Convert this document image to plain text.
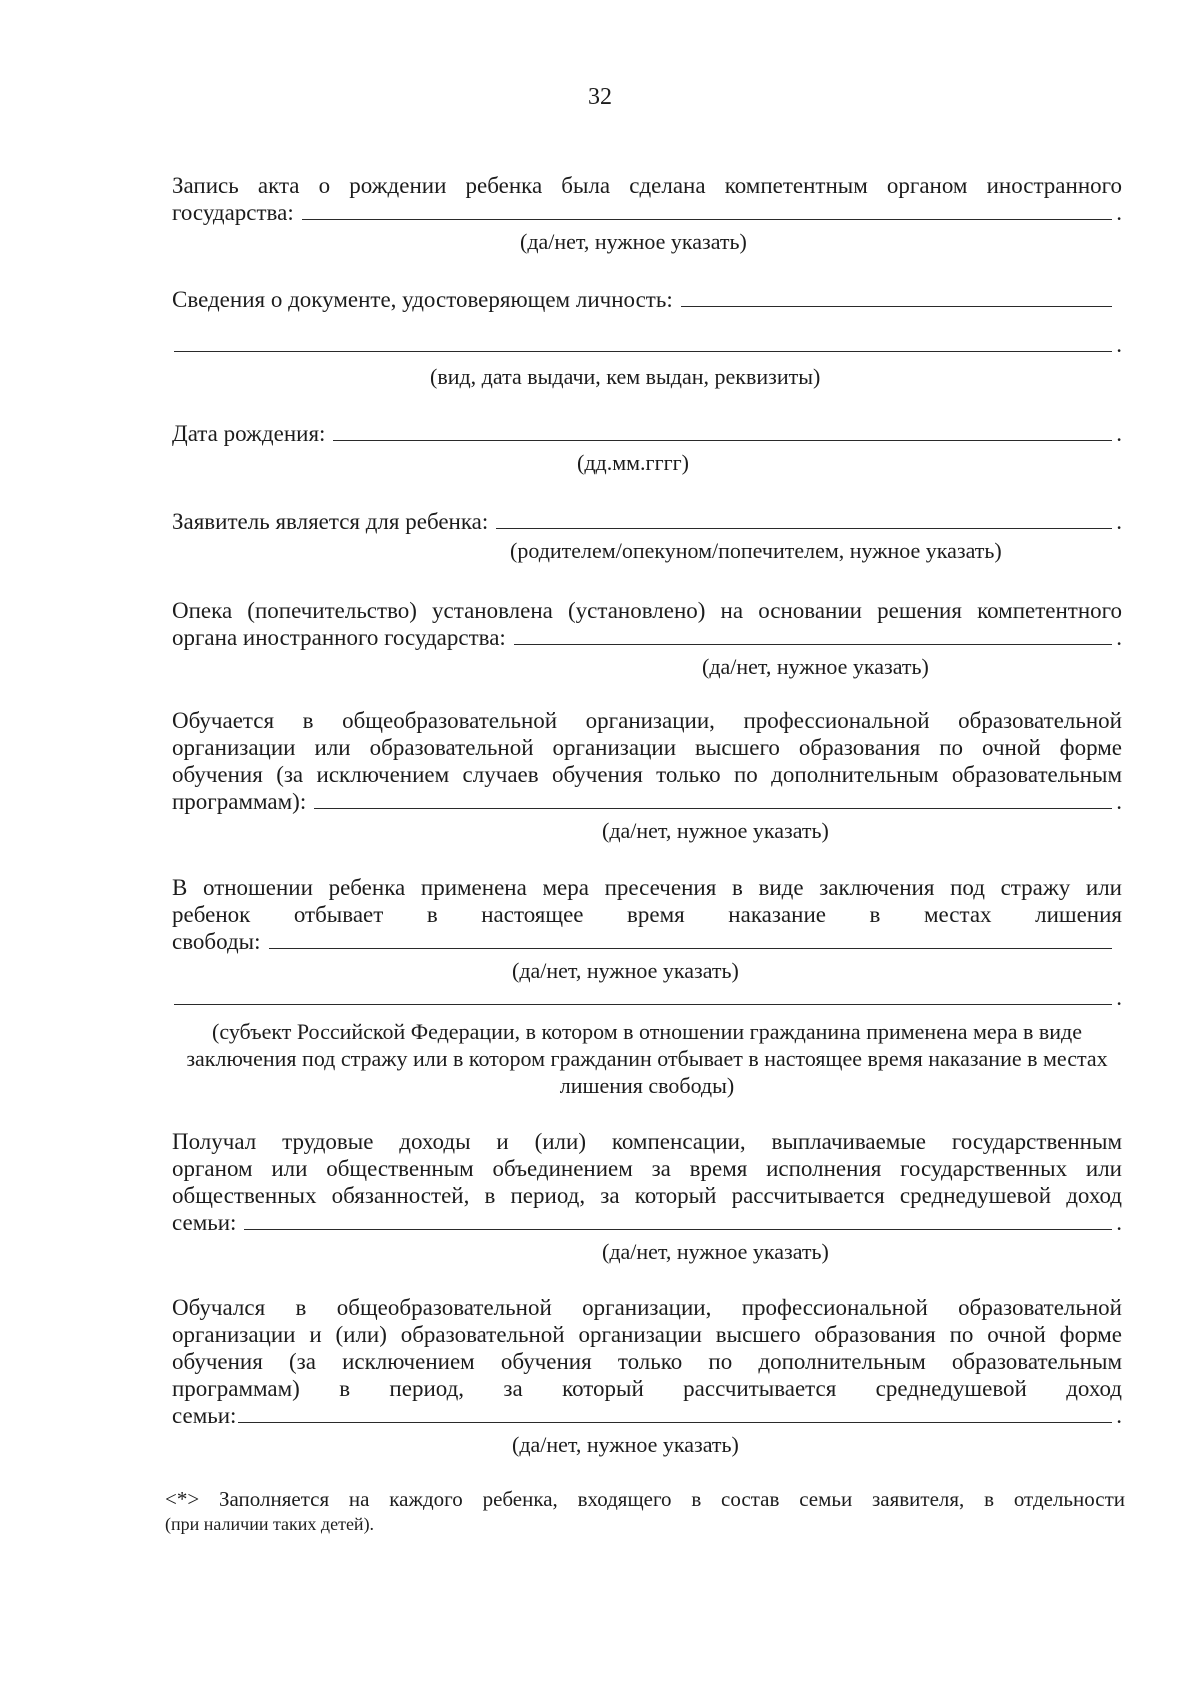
32
Запись акта о рождении ребенка была сделана компетентным органом иностранного
государства:	.
(да/нет, нужное указать)
Сведения о документе, удостоверяющем личность:
.
(вид, дата выдачи, кем выдан, реквизиты)
Дата рождения:	.
(дд.мм.гггг)
Заявитель является для ребенка:	.
(родителем/опекуном/попечителем, нужное указать)
Опека (попечительство) установлена (установлено) на основании решения компетентного
органа иностранного государства:	.
(да/нет, нужное указать)
Обучается в общеобразовательной организации, профессиональной образовательной
организации или образовательной организации высшего образования по очной форме
обучения (за исключением случаев обучения только по дополнительным образовательным
программам):	.
(да/нет, нужное указать)
В отношении ребенка применена мера пресечения в виде заключения под стражу или
ребенок отбывает в настоящее время наказание в местах лишения
свободы:
(да/нет, нужное указать)
.
(субъект Российской Федерации, в котором в отношении гражданина применена мера в виде заключения под стражу или в котором гражданин отбывает в настоящее время наказание в местах лишения свободы)
Получал трудовые доходы и (или) компенсации, выплачиваемые государственным
органом или общественным объединением за время исполнения государственных или
общественных обязанностей, в период, за который рассчитывается среднедушевой доход
семьи:	.
(да/нет, нужное указать)
Обучался в общеобразовательной организации, профессиональной образовательной
организации и (или) образовательной организации высшего образования по очной форме
обучения (за исключением обучения только по дополнительным образовательным
программам) в период, за который рассчитывается среднедушевой доход
семьи:	.
(да/нет, нужное указать)
<*> Заполняется на каждого ребенка, входящего в состав семьи заявителя, в отдельности
(при наличии таких детей).
